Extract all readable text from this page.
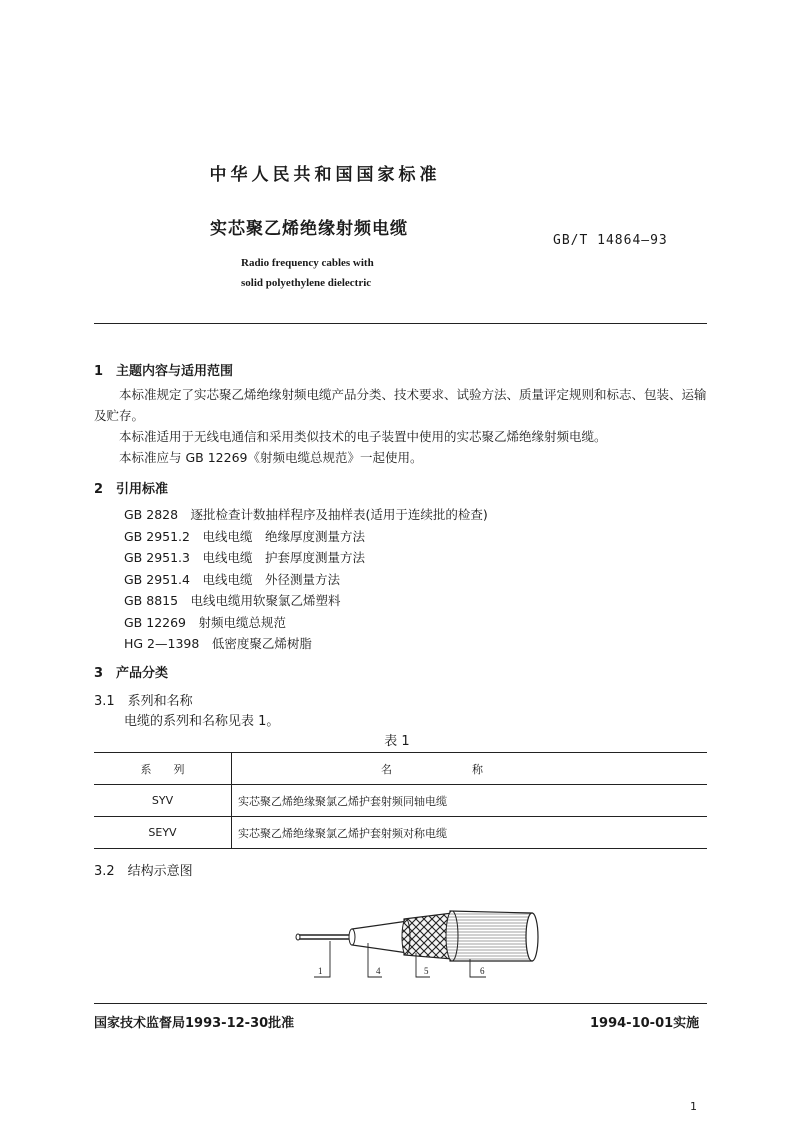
中华人民共和国国家标准
实芯聚乙烯绝缘射频电缆
GB/T 14864—93
Radio frequency cables with
solid polyethylene dielectric
1　主题内容与适用范围

本标准规定了实芯聚乙烯绝缘射频电缆产品分类、技术要求、试验方法、质量评定规则和标志、包装、运输及贮存。

本标准适用于无线电通信和采用类似技术的电子装置中使用的实芯聚乙烯绝缘射频电缆。

本标准应与 GB 12269《射频电缆总规范》一起使用。

2　引用标准
GB 2828　逐批检查计数抽样程序及抽样表(适用于连续批的检查)
GB 2951.2　电线电缆　绝缘厚度测量方法
GB 2951.3　电线电缆　护套厚度测量方法
GB 2951.4　电线电缆　外径测量方法
GB 8815　电线电缆用软聚氯乙烯塑料
GB 12269　射频电缆总规范
HG 2—1398　低密度聚乙烯树脂
3　产品分类
3.1　系列和名称
电缆的系列和名称见表 1。
表 1
系　　列	名称
SYV	实芯聚乙烯绝缘聚氯乙烯护套射频同轴电缆
SEYV	实芯聚乙烯绝缘聚氯乙烯护套射频对称电缆
3.2　结构示意图
1	4	5	6
国家技术监督局1993-12-30批准	1994-10-01实施
1
